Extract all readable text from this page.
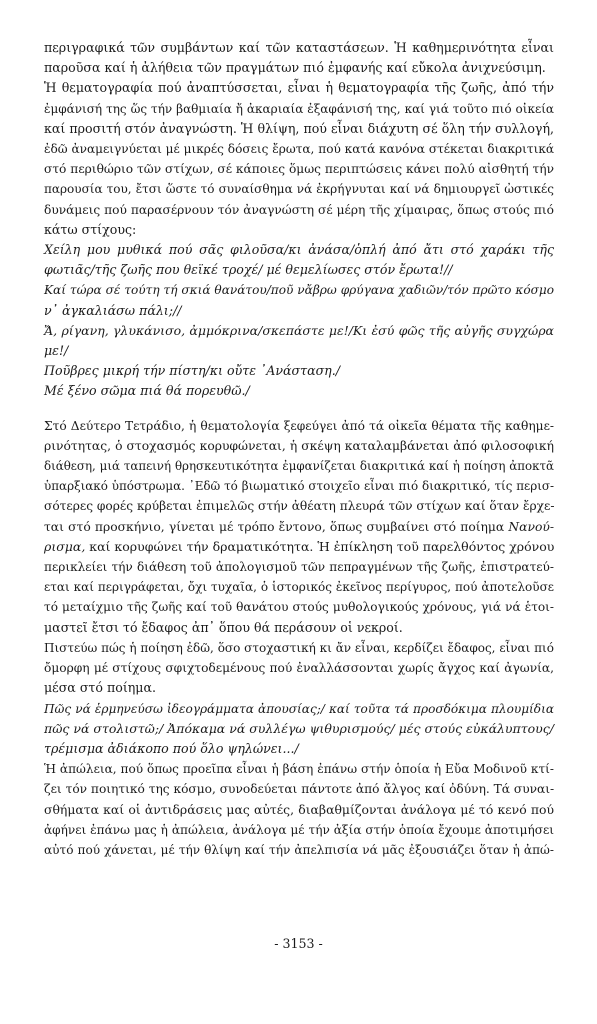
περιγραφικά τῶν συμβάντων καί τῶν καταστάσεων. Ἡ καθημερινότητα εἶναι
παροῦσα καί ἡ ἀλήθεια τῶν πραγμάτων πιό ἐμφανής καί εὔκολα ἀνιχνεύσιμη.
Ἡ θεματογραφία πού ἀναπτύσσεται, εἶναι ἡ θεματογραφία τῆς ζωῆς, ἀπό τήν
ἐμφάνισή της ὥς τήν βαθμιαία ἤ ἀκαριαία ἐξαφάνισή της, καί γιά τοῦτο πιό οἰκεία
καί προσιτή στόν ἀναγνώστη. Ἡ θλίψη, πού εἶναι διάχυτη σέ ὅλη τήν συλλογή,
ἐδῶ ἀναμειγνύεται μέ μικρές δόσεις ἔρωτα, πού κατά κανόνα στέκεται διακριτικά
στό περιθώριο τῶν στίχων, σέ κάποιες ὅμως περιπτώσεις κάνει πολύ αἰσθητή τήν
παρουσία του, ἔτσι ὥστε τό συναίσθημα νά ἐκρήγνυται καί νά δημιουργεῖ ὠστικές
δυνάμεις πού παρασέρνουν τόν ἀναγνώστη σέ μέρη τῆς χίμαιρας, ὅπως στούς πιό
κάτω στίχους:
Χείλη μου μυθικά πού σᾶς φιλοῦσα/κι ἀνάσα/ὁπλή ἀπό ἄτι στό χαράκι τῆς
φωτιᾶς/τῆς ζωῆς που θεϊκέ τροχέ/ μέ θεμελίωσες στόν ἔρωτα!//
Καί τώρα σέ τούτη τή σκιά θανάτου/ποῦ νἄβρω φρύγανα χαδιῶν/τόν πρῶτο κόσμο
ν᾿ ἀγκαλιάσω πάλι;//
Ἄ, ρίγανη, γλυκάνισο, ἀμμόκρινα/σκεπάστε με!/Κι ἐσύ φῶς τῆς αὐγῆς συγχώρα
με!/
Ποῦβρες μικρή τήν πίστη/κι οὔτε ᾿Ανάσταση./
Μέ ξένο σῶμα πιά θά πορευθῶ./
Στό Δεύτερο Τετράδιο, ἡ θεματολογία ξεφεύγει ἀπό τά οἰκεῖα θέματα τῆς καθημε-
ρινότητας, ὁ στοχασμός κορυφώνεται, ἡ σκέψη καταλαμβάνεται ἀπό φιλοσοφική
διάθεση, μιά ταπεινή θρησκευτικότητα ἐμφανίζεται διακριτικά καί ἡ ποίηση ἀποκτᾶ
ὑπαρξιακό ὑπόστρωμα. ᾿Εδῶ τό βιωματικό στοιχεῖο εἶναι πιό διακριτικό, τίς περισ-
σότερες φορές κρύβεται ἐπιμελῶς στήν ἀθέατη πλευρά τῶν στίχων καί ὅταν ἔρχε-
ται στό προσκήνιο, γίνεται μέ τρόπο ἔντονο, ὅπως συμβαίνει στό ποίημα Νανού-
ρισμα, καί κορυφώνει τήν δραματικότητα. Ἡ ἐπίκληση τοῦ παρελθόντος χρόνου
περικλείει τήν διάθεση τοῦ ἀπολογισμοῦ τῶν πεπραγμένων τῆς ζωῆς, ἐπιστρατεύ-
εται καί περιγράφεται, ὄχι τυχαῖα, ὁ ἱστορικός ἐκεῖνος περίγυρος, πού ἀποτελοῦσε
τό μεταίχμιο τῆς ζωῆς καί τοῦ θανάτου στούς μυθολογικούς χρόνους, γιά νά ἑτοι-
μαστεῖ ἔτσι τό ἔδαφος ἀπ᾿ ὅπου θά περάσουν οἱ νεκροί.
Πιστεύω πώς ἡ ποίηση ἐδῶ, ὅσο στοχαστική κι ἄν εἶναι, κερδίζει ἔδαφος, εἶναι πιό
ὄμορφη μέ στίχους σφιχτοδεμένους πού ἐναλλάσσονται χωρίς ἄγχος καί ἀγωνία,
μέσα στό ποίημα.
Πῶς νά ἑρμηνεύσω ἰδεογράμματα ἀπουσίας;/ καί τοῦτα τά προσδόκιμα πλουμίδια
πῶς νά στολιστῶ;/ Ἀπόκαμα νά συλλέγω ψιθυρισμούς/ μές στούς εὐκάλυπτους/
τρέμισμα ἀδιάκοπο πού ὅλο ψηλώνει.../
Ἡ ἀπώλεια, πού ὅπως προεῖπα εἶναι ἡ βάση ἐπάνω στήν ὁποία ἡ Εὔα Μοδινοῦ κτί-
ζει τόν ποιητικό της κόσμο, συνοδεύεται πάντοτε ἀπό ἄλγος καί ὀδύνη. Τά συναι-
σθήματα καί οἱ ἀντιδράσεις μας αὐτές, διαβαθμίζονται ἀνάλογα μέ τό κενό πού
ἀφήνει ἐπάνω μας ἡ ἀπώλεια, ἀνάλογα μέ τήν ἀξία στήν ὁποία ἔχουμε ἀποτιμήσει
αὐτό πού χάνεται, μέ τήν θλίψη καί τήν ἀπελπισία νά μᾶς ἐξουσιάζει ὅταν ἡ ἀπώ-
- 3153 -
